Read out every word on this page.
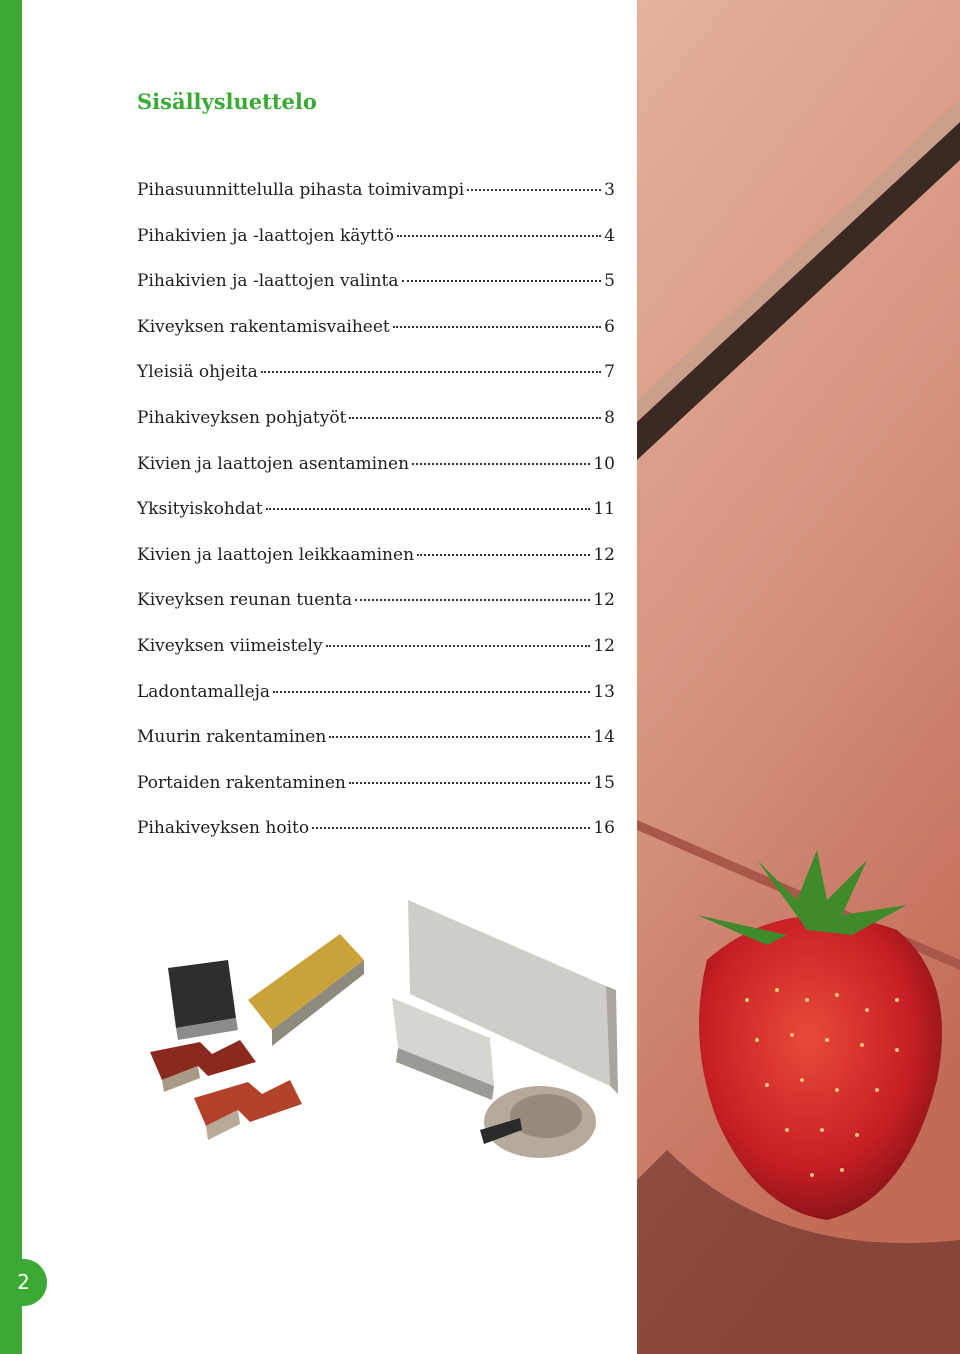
2
Sisällysluettelo
Pihasuunnittelulla pihasta toimivampi	3
Pihakivien ja -laattojen käyttö	4
Pihakivien ja -laattojen valinta	5
Kiveyksen rakentamisvaiheet	6
Yleisiä ohjeita	7
Pihakiveyksen pohjatyöt	8
Kivien ja laattojen asentaminen	10
Yksityiskohdat	11
Kivien ja laattojen leikkaaminen	12
Kiveyksen reunan tuenta	12
Kiveyksen viimeistely	12
Ladontamalleja	13
Muurin rakentaminen	14
Portaiden rakentaminen	15
Pihakiveyksen hoito	16
